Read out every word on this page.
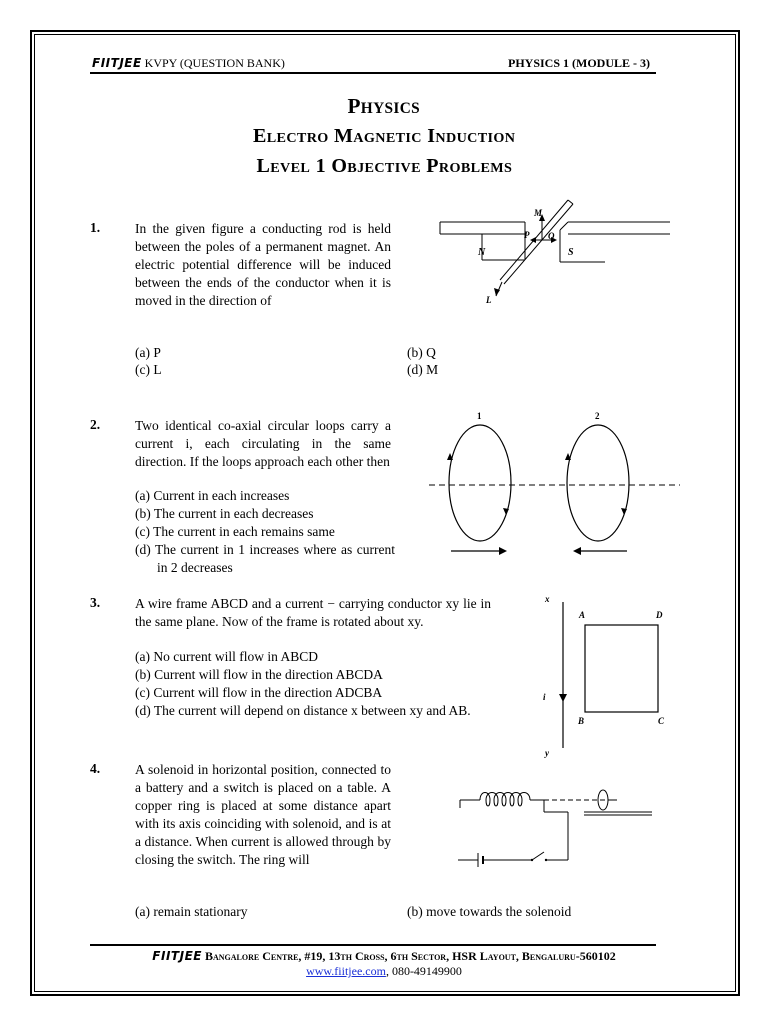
FIITJEE KVPY (QUESTION BANK)	PHYSICS 1 (MODULE - 3)
Physics
Electro Magnetic Induction
Level 1 Objective Problems
1.	In the given figure a conducting rod is held between the poles of a permanent magnet. An electric potential difference will be induced between the ends of the conductor when it is moved in the direction of
(a) P	(b) Q
(c) L	(d) M
M
P Q
N	S
L
2.	Two identical co-axial circular loops carry a current i, each circulating in the same direction. If the loops approach each other then
(a) Current in each increases
(b) The current in each decreases
(c) The current in each remains same
(d) The current in 1 increases where as current in 2 decreases
1	2
3.	A wire frame ABCD and a current − carrying conductor xy lie in the same plane. Now of the frame is rotated about xy.
(a) No current will flow in ABCD
(b) Current will flow in the direction ABCDA
(c) Current will flow in the direction ADCBA
(d) The current will depend on distance x between xy and AB.
x
i
y
A	D
B	C
4.	A solenoid in horizontal position, connected to a battery and a switch is placed on a table. A copper ring is placed at some distance apart with its axis coinciding with solenoid, and is at a distance. When current is allowed through by closing the switch. The ring will
(a) remain stationary	(b) move towards the solenoid
FIITJEE Bangalore Centre, #19, 13th Cross, 6th Sector, HSR Layout, Bengaluru-560102
www.fiitjee.com, 080-49149900
